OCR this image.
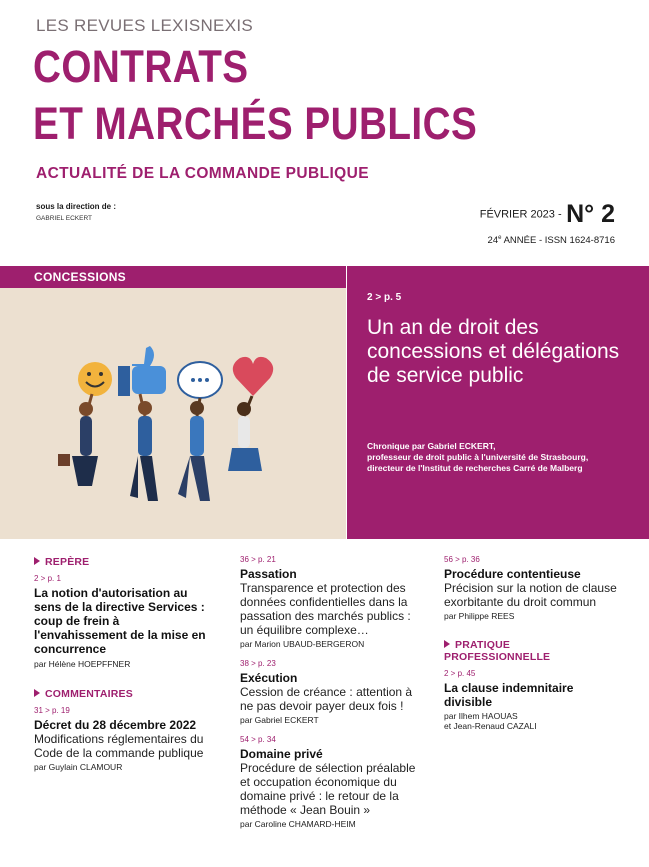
LES REVUES LEXISNEXIS
CONTRATS
ET MARCHÉS PUBLICS
ACTUALITÉ DE LA COMMANDE PUBLIQUE
sous la direction de :
GABRIEL ECKERT	FÉVRIER 2023 - N° 2
24e ANNÉE - ISSN 1624-8716
CONCESSIONS
2 > p. 5
Un an de droit des concessions et délégations de service public
Chronique par Gabriel ECKERT,
professeur de droit public à l'université de Strasbourg,
directeur de l'Institut de recherches Carré de Malberg
REPÈRE
2 > p. 1
La notion d'autorisation au sens de la directive Services : coup de frein à l'envahissement de la mise en concurrence
par Hélène HOEPFFNER
COMMENTAIRES
31 > p. 19
Décret du 28 décembre 2022
Modifications réglementaires du Code de la commande publique
par Guylain CLAMOUR
36 > p. 21
Passation
Transparence et protection des données confidentielles dans la passation des marchés publics : un équilibre complexe…
par Marion UBAUD-BERGERON
38 > p. 23
Exécution
Cession de créance : attention à ne pas devoir payer deux fois !
par Gabriel ECKERT
54 > p. 34
Domaine privé
Procédure de sélection préalable et occupation économique du domaine privé : le retour de la méthode « Jean Bouin »
par Caroline CHAMARD-HEIM
56 > p. 36
Procédure contentieuse
Précision sur la notion de clause exorbitante du droit commun
par Philippe REES
PRATIQUE
PROFESSIONNELLE
2 > p. 45
La clause indemnitaire divisible
par Ilhem HAOUAS
et Jean-Renaud CAZALI
